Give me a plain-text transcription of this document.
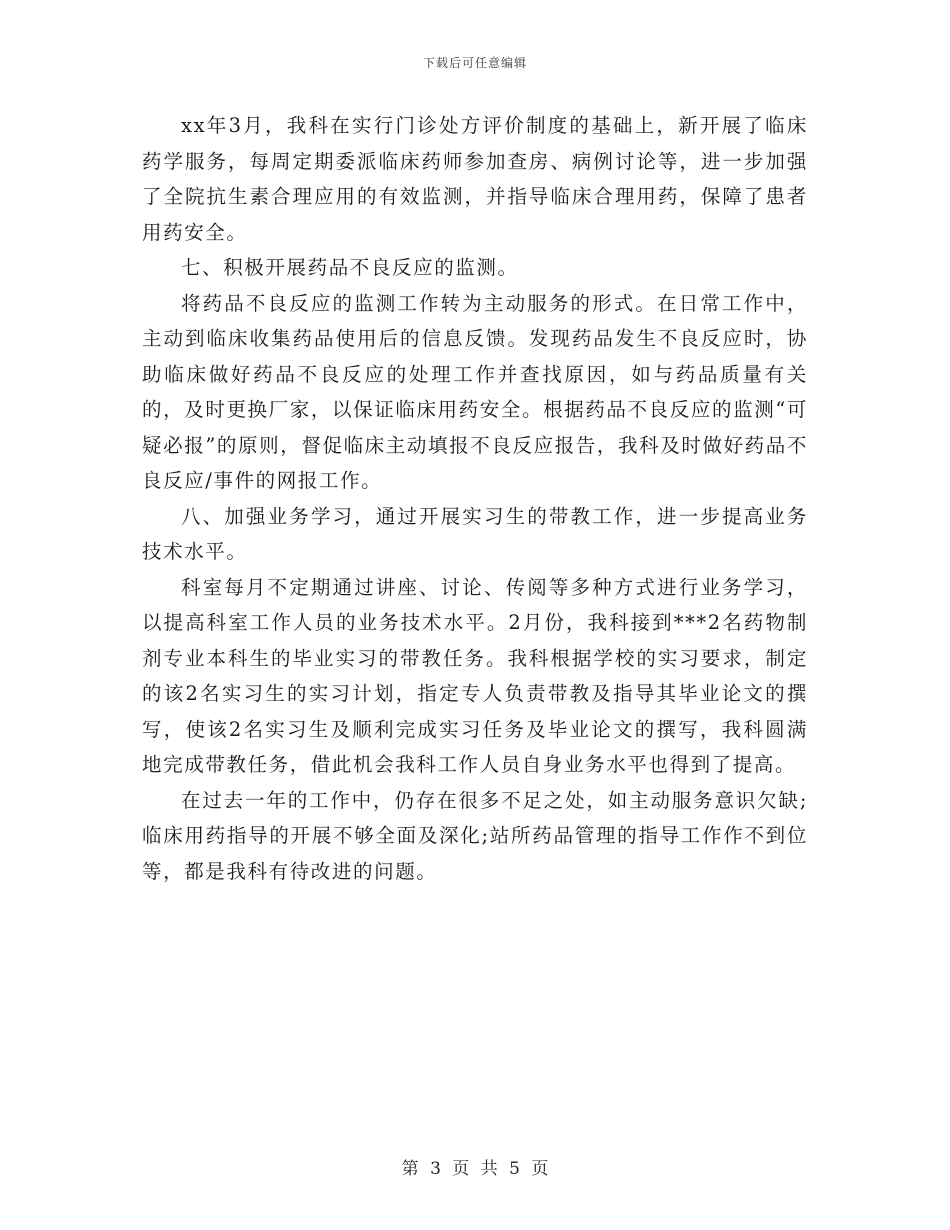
下载后可任意编辑

xx年3月，我科在实行门诊处方评价制度的基础上，新开展了临床药学服务，每周定期委派临床药师参加查房、病例讨论等，进一步加强了全院抗生素合理应用的有效监测，并指导临床合理用药，保障了患者用药安全。

七、积极开展药品不良反应的监测。

将药品不良反应的监测工作转为主动服务的形式。在日常工作中，主动到临床收集药品使用后的信息反馈。发现药品发生不良反应时，协助临床做好药品不良反应的处理工作并查找原因，如与药品质量有关的，及时更换厂家，以保证临床用药安全。根据药品不良反应的监测“可疑必报”的原则，督促临床主动填报不良反应报告，我科及时做好药品不良反应/事件的网报工作。

八、加强业务学习，通过开展实习生的带教工作，进一步提高业务技术水平。

科室每月不定期通过讲座、讨论、传阅等多种方式进行业务学习，以提高科室工作人员的业务技术水平。2月份，我科接到***2名药物制剂专业本科生的毕业实习的带教任务。我科根据学校的实习要求，制定的该2名实习生的实习计划，指定专人负责带教及指导其毕业论文的撰写，使该2名实习生及顺利完成实习任务及毕业论文的撰写，我科圆满地完成带教任务，借此机会我科工作人员自身业务水平也得到了提高。

在过去一年的工作中，仍存在很多不足之处，如主动服务意识欠缺;临床用药指导的开展不够全面及深化;站所药品管理的指导工作作不到位等，都是我科有待改进的问题。

第 3 页 共 5 页
